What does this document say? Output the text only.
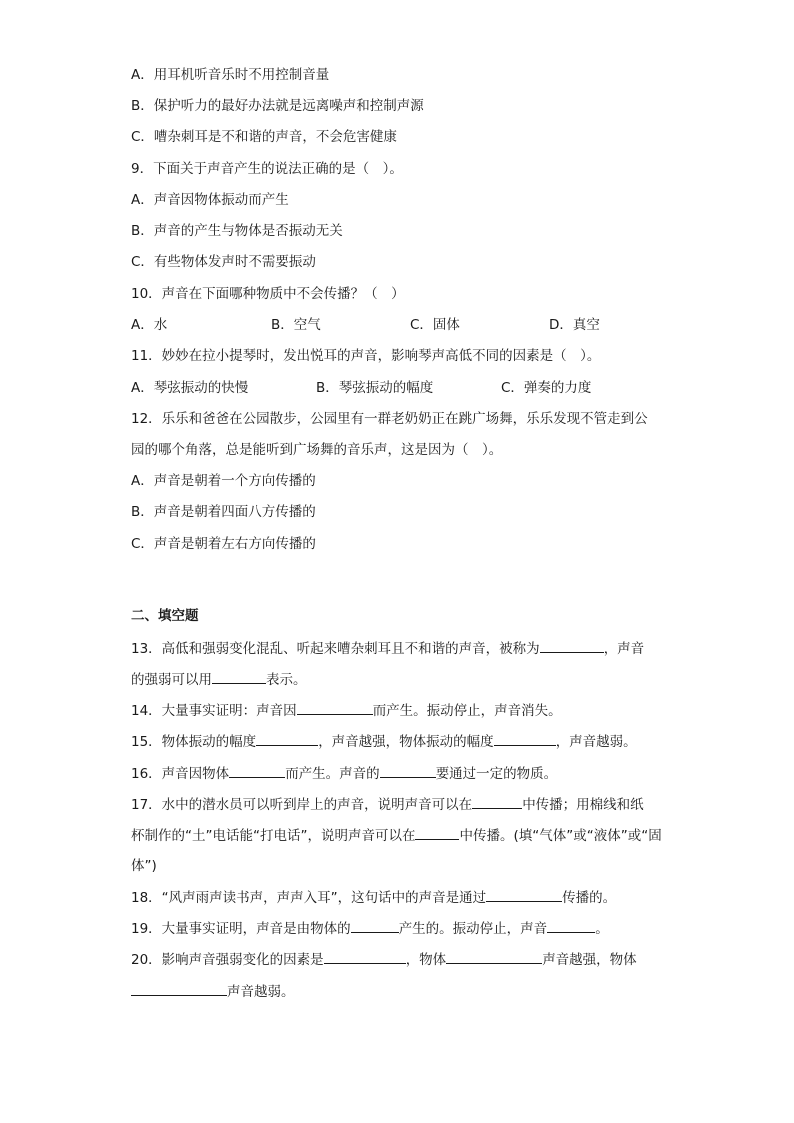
A．用耳机听音乐时不用控制音量
B．保护听力的最好办法就是远离噪声和控制声源
C．嘈杂刺耳是不和谐的声音，不会危害健康
9．下面关于声音产生的说法正确的是（　）。
A．声音因物体振动而产生
B．声音的产生与物体是否振动无关
C．有些物体发声时不需要振动
10．声音在下面哪种物质中不会传播？（　）
A．水	B．空气	C．固体	D．真空
11．妙妙在拉小提琴时，发出悦耳的声音，影响琴声高低不同的因素是（　）。
A．琴弦振动的快慢	B．琴弦振动的幅度	C．弹奏的力度
12．乐乐和爸爸在公园散步，公园里有一群老奶奶正在跳广场舞，乐乐发现不管走到公
园的哪个角落，总是能听到广场舞的音乐声，这是因为（　）。
A．声音是朝着一个方向传播的
B．声音是朝着四面八方传播的
C．声音是朝着左右方向传播的
二、填空题
13．高低和强弱变化混乱、听起来嘈杂刺耳且不和谐的声音，被称为	，声音
的强弱可以用	表示。
14．大量事实证明：声音因	而产生。振动停止，声音消失。
15．物体振动的幅度	，声音越强，物体振动的幅度	，声音越弱。
16．声音因物体	而产生。声音的	要通过一定的物质。
17．水中的潜水员可以听到岸上的声音，说明声音可以在	中传播；用棉线和纸
杯制作的“土”电话能“打电话”，说明声音可以在	中传播。(填“气体”或“液体”或“固
体”)
18．“风声雨声读书声，声声入耳”，这句话中的声音是通过	传播的。
19．大量事实证明，声音是由物体的	产生的。振动停止，声音	。
20．影响声音强弱变化的因素是	，物体	声音越强，物体
声音越弱。
